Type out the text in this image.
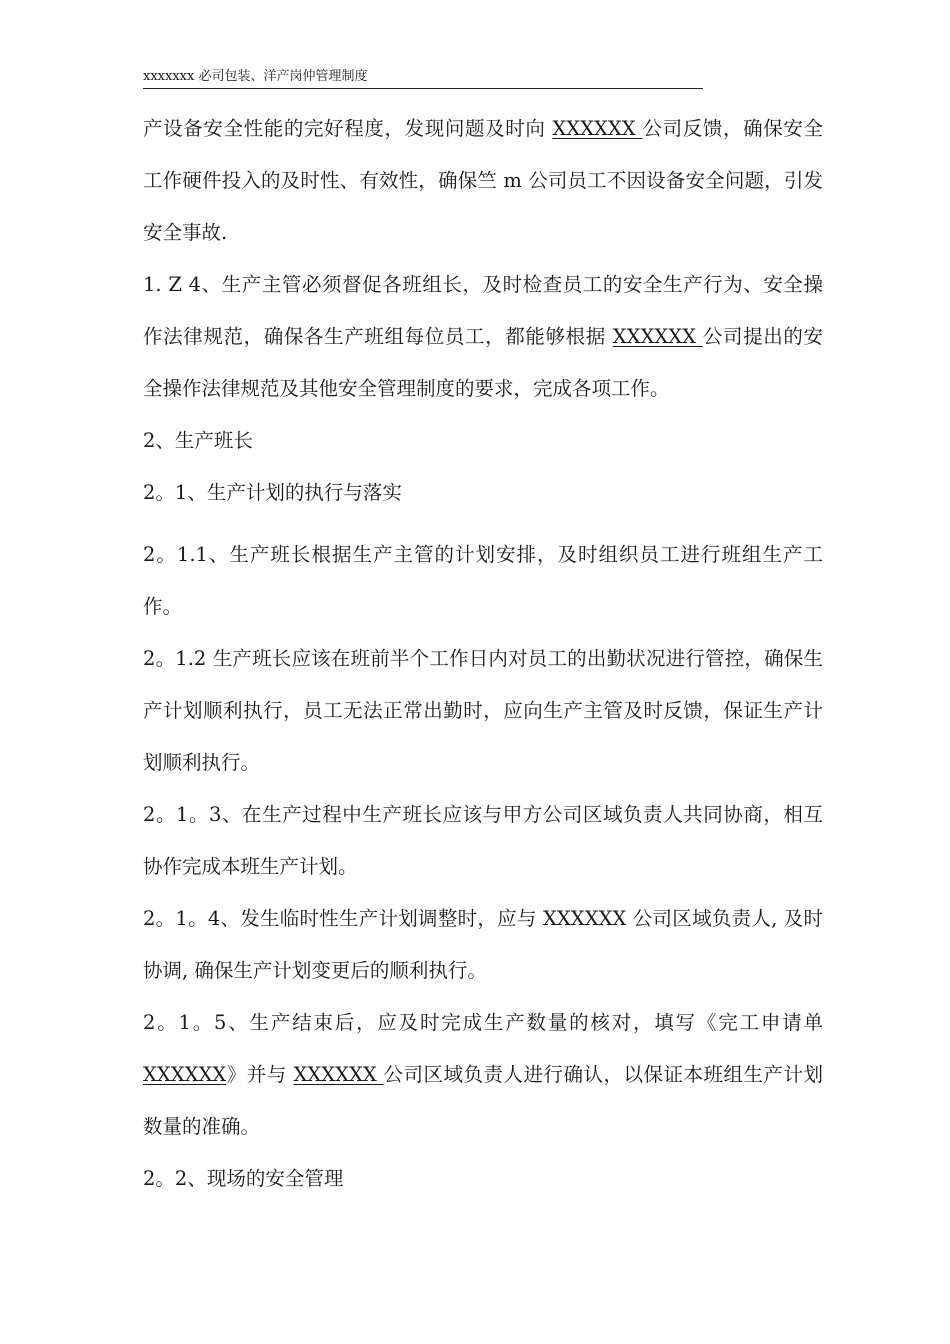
xxxxxxx 必司包装、洋产岗仲管理制度

产设备安全性能的完好程度，发现问题及时向 XXXXXX 公司反馈，确保安全工作硬件投入的及时性、有效性，确保竺 m 公司员工不因设备安全问题，引发安全事故.

1. Z 4、生产主管必须督促各班组长，及时检查员工的安全生产行为、安全操作法律规范，确保各生产班组每位员工，都能够根据 XXXXXX 公司提出的安全操作法律规范及其他安全管理制度的要求，完成各项工作。

2、生产班长

2。1、生产计划的执行与落实

2。1.1、生产班长根据生产主管的计划安排，及时组织员工进行班组生产工作。

2。1.2 生产班长应该在班前半个工作日内对员工的出勤状况进行管控，确保生产计划顺利执行，员工无法正常出勤时，应向生产主管及时反馈，保证生产计划顺利执行。

2。1。3、在生产过程中生产班长应该与甲方公司区域负责人共同协商，相互协作完成本班生产计划。

2。1。4、发生临时性生产计划调整时，应与 XXXXXX 公司区域负责人, 及时协调, 确保生产计划变更后的顺利执行。

2。1。5、生产结束后，应及时完成生产数量的核对，填写《完工申请单 XXXXXX》并与 XXXXXX 公司区域负责人进行确认，以保证本班组生产计划数量的准确。

2。2、现场的安全管理
